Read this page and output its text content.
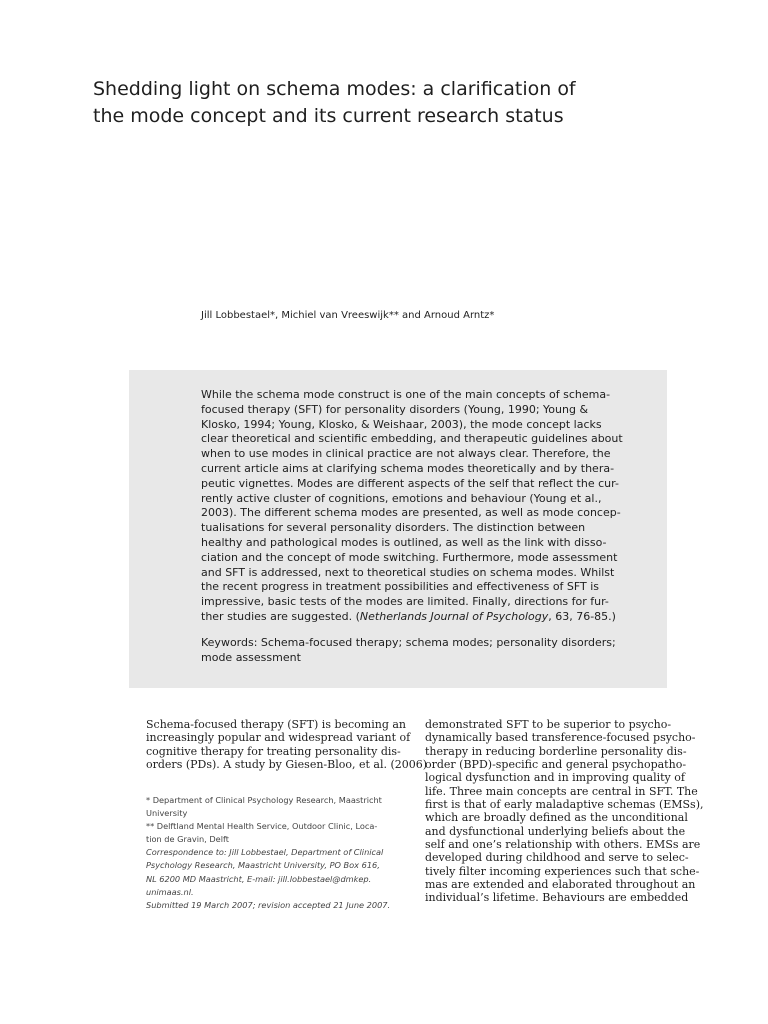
Shedding light on schema modes: a clarification of
the mode concept and its current research status
Jill Lobbestael*, Michiel van Vreeswijk** and Arnoud Arntz*
While the schema mode construct is one of the main concepts of schema-
focused therapy (SFT) for personality disorders (Young, 1990; Young &
Klosko, 1994; Young, Klosko, & Weishaar, 2003), the mode concept lacks
clear theoretical and scientific embedding, and therapeutic guidelines about
when to use modes in clinical practice are not always clear. Therefore, the
current article aims at clarifying schema modes theoretically and by thera-
peutic vignettes. Modes are different aspects of the self that reflect the cur-
rently active cluster of cognitions, emotions and behaviour (Young et al.,
2003). The different schema modes are presented, as well as mode concep-
tualisations for several personality disorders. The distinction between
healthy and pathological modes is outlined, as well as the link with disso-
ciation and the concept of mode switching. Furthermore, mode assessment
and SFT is addressed, next to theoretical studies on schema modes. Whilst
the recent progress in treatment possibilities and effectiveness of SFT is
impressive, basic tests of the modes are limited. Finally, directions for fur-
ther studies are suggested. (Netherlands Journal of Psychology, 63, 76-85.)
Keywords: Schema-focused therapy; schema modes; personality disorders;
mode assessment
Schema-focused therapy (SFT) is becoming an
increasingly popular and widespread variant of
cognitive therapy for treating personality dis-
orders (PDs). A study by Giesen-Bloo, et al. (2006)
* Department of Clinical Psychology Research, Maastricht
University
** Delftland Mental Health Service, Outdoor Clinic, Loca-
tion de Gravin, Delft
Correspondence to: Jill Lobbestael, Department of Clinical
Psychology Research, Maastricht University, PO Box 616,
NL 6200 MD Maastricht, E-mail: jill.lobbestael@dmkep.
unimaas.nl.
Submitted 19 March 2007; revision accepted 21 June 2007.
demonstrated SFT to be superior to psycho-
dynamically based transference-focused psycho-
therapy in reducing borderline personality dis-
order (BPD)-specific and general psychopatho-
logical dysfunction and in improving quality of
life. Three main concepts are central in SFT. The
first is that of early maladaptive schemas (EMSs),
which are broadly defined as the unconditional
and dysfunctional underlying beliefs about the
self and one’s relationship with others. EMSs are
developed during childhood and serve to selec-
tively filter incoming experiences such that sche-
mas are extended and elaborated throughout an
individual’s lifetime. Behaviours are embedded
